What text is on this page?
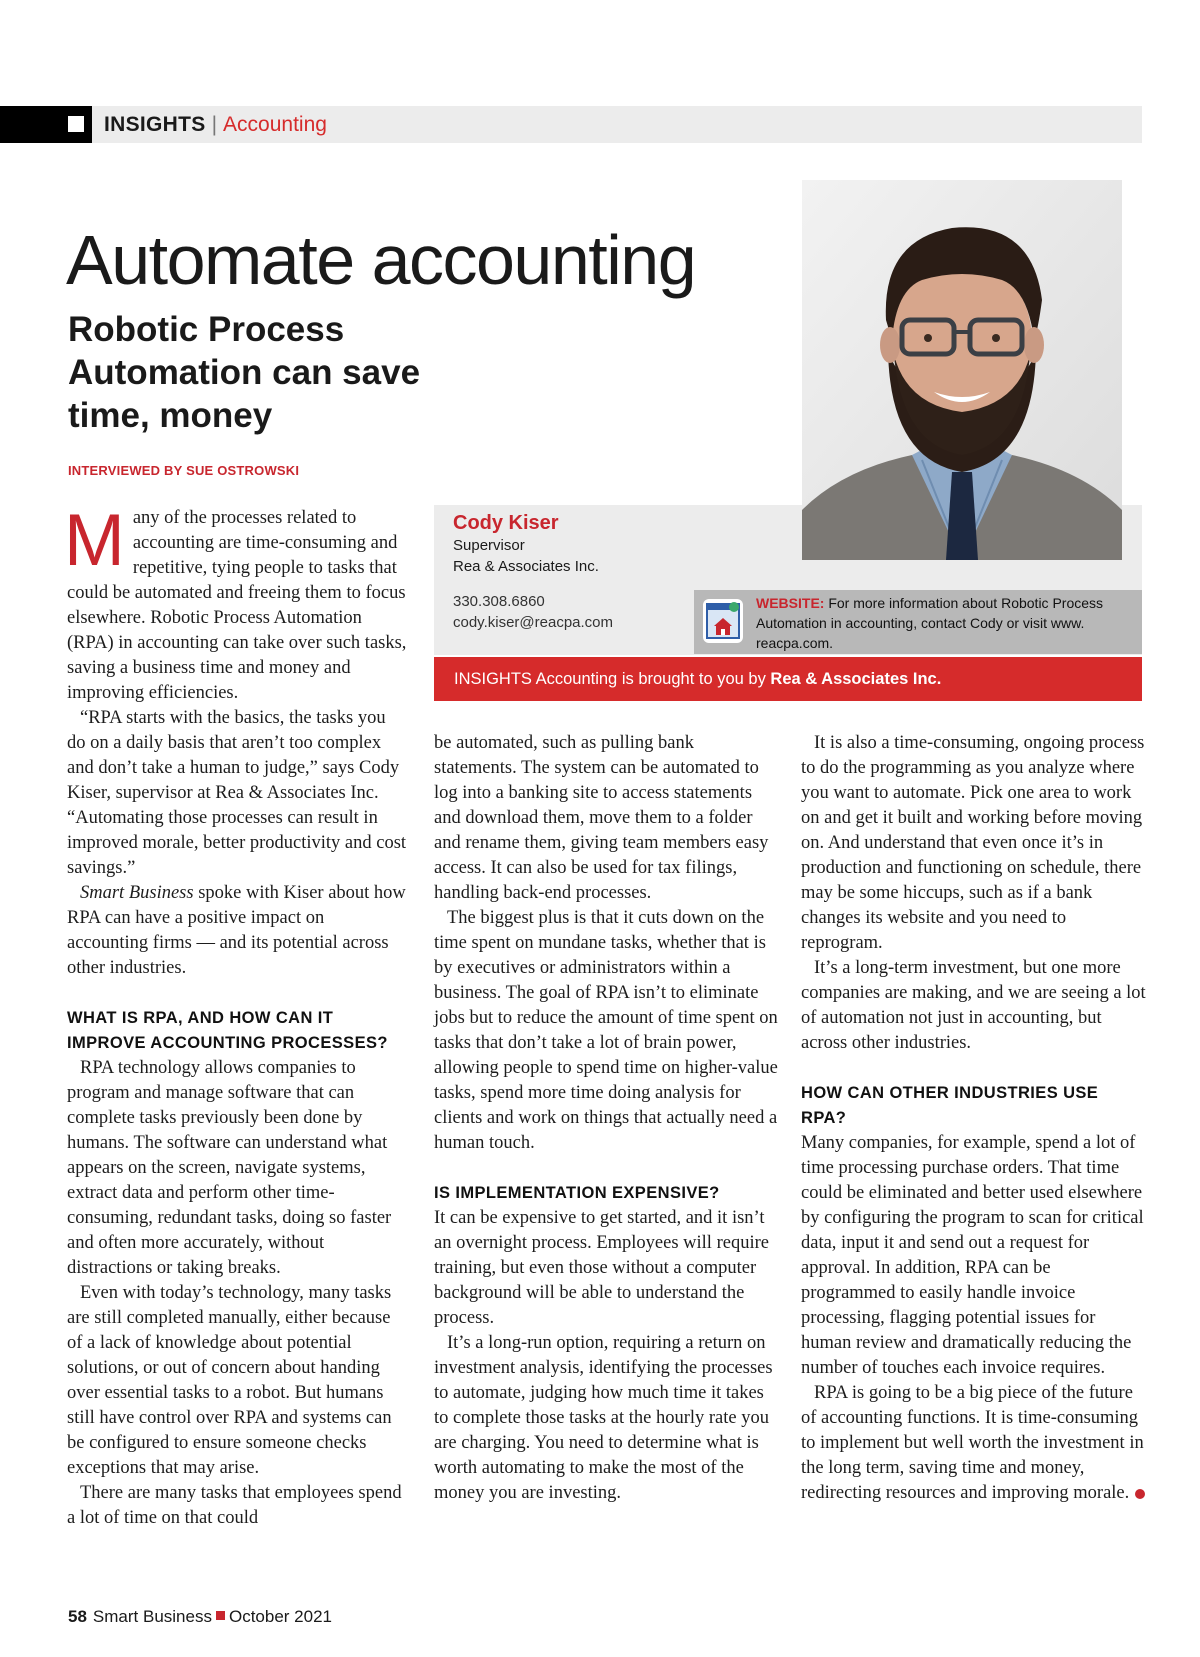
INSIGHTS | Accounting
Automate accounting
Robotic Process Automation can save time, money
INTERVIEWED BY SUE OSTROWSKI
Cody Kiser
Supervisor
Rea & Associates Inc.
330.308.6860
cody.kiser@reacpa.com
WEBSITE: For more information about Robotic Process Automation in accounting, contact Cody or visit www. reacpa.com.
INSIGHTS Accounting is brought to you by Rea & Associates Inc.

Many of the processes related to accounting are time-consuming and repetitive, tying people to tasks that could be automated and freeing them to focus elsewhere. Robotic Process Automation (RPA) in accounting can take over such tasks, saving a business time and money and improving efficiencies.

“RPA starts with the basics, the tasks you do on a daily basis that aren’t too complex and don’t take a human to judge,” says Cody Kiser, supervisor at Rea & Associates Inc. “Automating those processes can result in improved morale, better productivity and cost savings.”

Smart Business spoke with Kiser about how RPA can have a positive impact on accounting firms — and its potential across other industries.

WHAT IS RPA, AND HOW CAN IT IMPROVE ACCOUNTING PROCESSES?

RPA technology allows companies to program and manage software that can complete tasks previously been done by humans. The software can understand what appears on the screen, navigate systems, extract data and perform other time-consuming, redundant tasks, doing so faster and often more accurately, without distractions or taking breaks.

Even with today’s technology, many tasks are still completed manually, either because of a lack of knowledge about potential solutions, or out of concern about handing over essential tasks to a robot. But humans still have control over RPA and systems can be configured to ensure someone checks exceptions that may arise.

There are many tasks that employees spend a lot of time on that could

be automated, such as pulling bank statements. The system can be automated to log into a banking site to access statements and download them, move them to a folder and rename them, giving team members easy access. It can also be used for tax filings, handling back-end processes.

The biggest plus is that it cuts down on the time spent on mundane tasks, whether that is by executives or administrators within a business. The goal of RPA isn’t to eliminate jobs but to reduce the amount of time spent on tasks that don’t take a lot of brain power, allowing people to spend time on higher-value tasks, spend more time doing analysis for clients and work on things that actually need a human touch.

IS IMPLEMENTATION EXPENSIVE?

It can be expensive to get started, and it isn’t an overnight process. Employees will require training, but even those without a computer background will be able to understand the process.

It’s a long-run option, requiring a return on investment analysis, identifying the processes to automate, judging how much time it takes to complete those tasks at the hourly rate you are charging. You need to determine what is worth automating to make the most of the money you are investing.

It is also a time-consuming, ongoing process to do the programming as you analyze where you want to automate. Pick one area to work on and get it built and working before moving on. And understand that even once it’s in production and functioning on schedule, there may be some hiccups, such as if a bank changes its website and you need to reprogram.

It’s a long-term investment, but one more companies are making, and we are seeing a lot of automation not just in accounting, but across other industries.

HOW CAN OTHER INDUSTRIES USE RPA?

Many companies, for example, spend a lot of time processing purchase orders. That time could be eliminated and better used elsewhere by configuring the program to scan for critical data, input it and send out a request for approval. In addition, RPA can be programmed to easily handle invoice processing, flagging potential issues for human review and dramatically reducing the number of touches each invoice requires.

RPA is going to be a big piece of the future of accounting functions. It is time-consuming to implement but well worth the investment in the long term, saving time and money, redirecting resources and improving morale.

58 Smart Business October 2021
